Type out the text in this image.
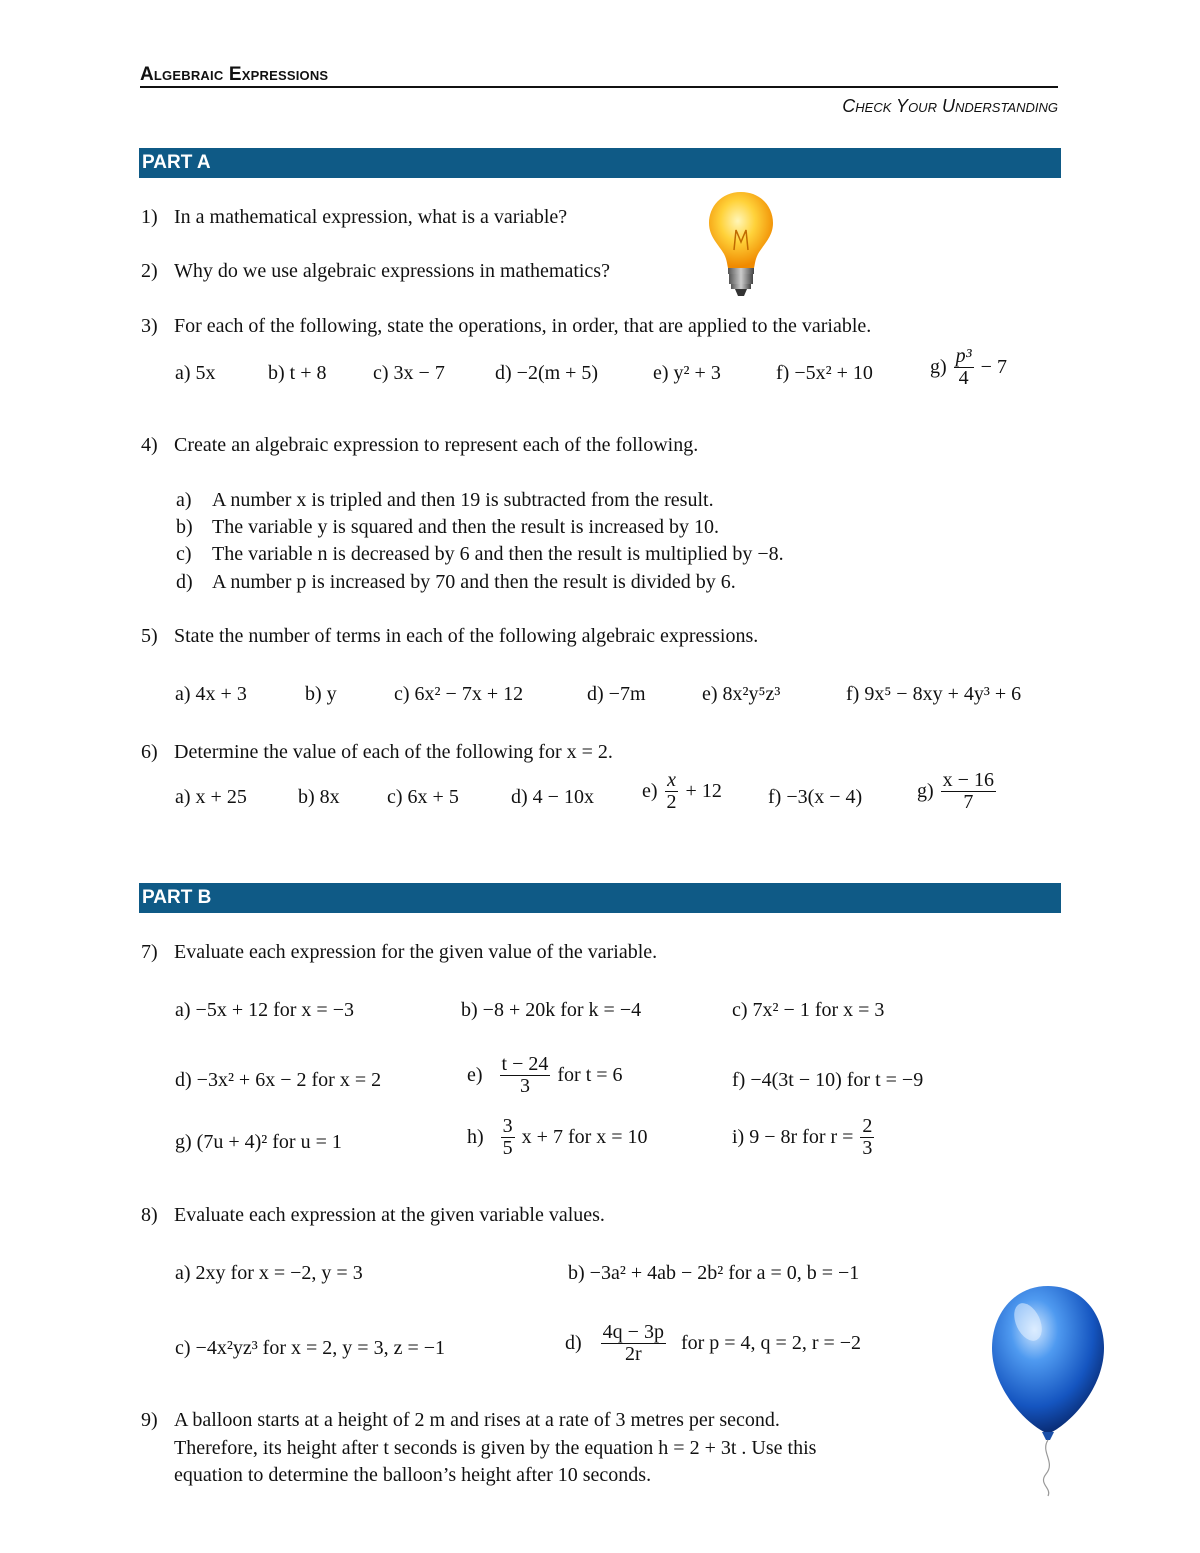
Algebraic Expressions
Check Your Understanding
PART A
1) In a mathematical expression, what is a variable?
2) Why do we use algebraic expressions in mathematics?
3) For each of the following, state the operations, in order, that are applied to the variable.
a) 5x	b) t + 8 c) 3x − 7	d) −2(m + 5)	e) y² + 3	f) −5x² + 10	$g) \frac{\text{p³}}{4} - 7$
4) Create an algebraic expression to represent each of the following.
a) A number x is tripled and then 19 is subtracted from the result.
b) The variable y is squared and then the result is increased by 10.
c) The variable n is decreased by 6 and then the result is multiplied by −8.
d) A number p is increased by 70 and then the result is divided by 6.
5) State the number of terms in each of the following algebraic expressions.
a) 4x + 3	b) y	c) 6x² − 7x + 12	d) −7m	e) 8x²y⁵z³	f) 9x⁵ − 8xy + 4y³ + 6
6) Determine the value of each of the following for x = 2.
a) x + 25	b) 8x c) 6x + 5	d) 4 − 10x $e) \frac{x}{2} + 12$ f) −3(x − 4)	$g) \frac{x - 16}{7}$
PART B
7) Evaluate each expression for the given value of the variable.
a) −5x + 12 for x = −3	b) −8 + 20k for k = −4	c) 7x² − 1 for x = 3
d) −3x² + 6x − 2 for x = 2	$e) \frac{t - 24}{3}$ for t = 6	f) −4(3t − 10) for t = −9
g) (7u + 4)² for u = 1	$h) \frac{3}{5}$ x + 7 for x = 10	i) 9 − 8r for $r = \frac{2}{3}$
8) Evaluate each expression at the given variable values.
a) 2xy for x = −2, y = 3	b) −3a² + 4ab − 2b² for a = 0, b = −1
c) −4x²yz³ for x = 2, y = 3, z = −1	$d) \frac{4q - 3p}{2r}$ for p = 4, q = 2, r = −2
9) A balloon starts at a height of 2 m and rises at a rate of 3 metres per second.
Therefore, its height after t seconds is given by the equation h = 2 + 3t . Use this
equation to determine the balloon’s height after 10 seconds.
